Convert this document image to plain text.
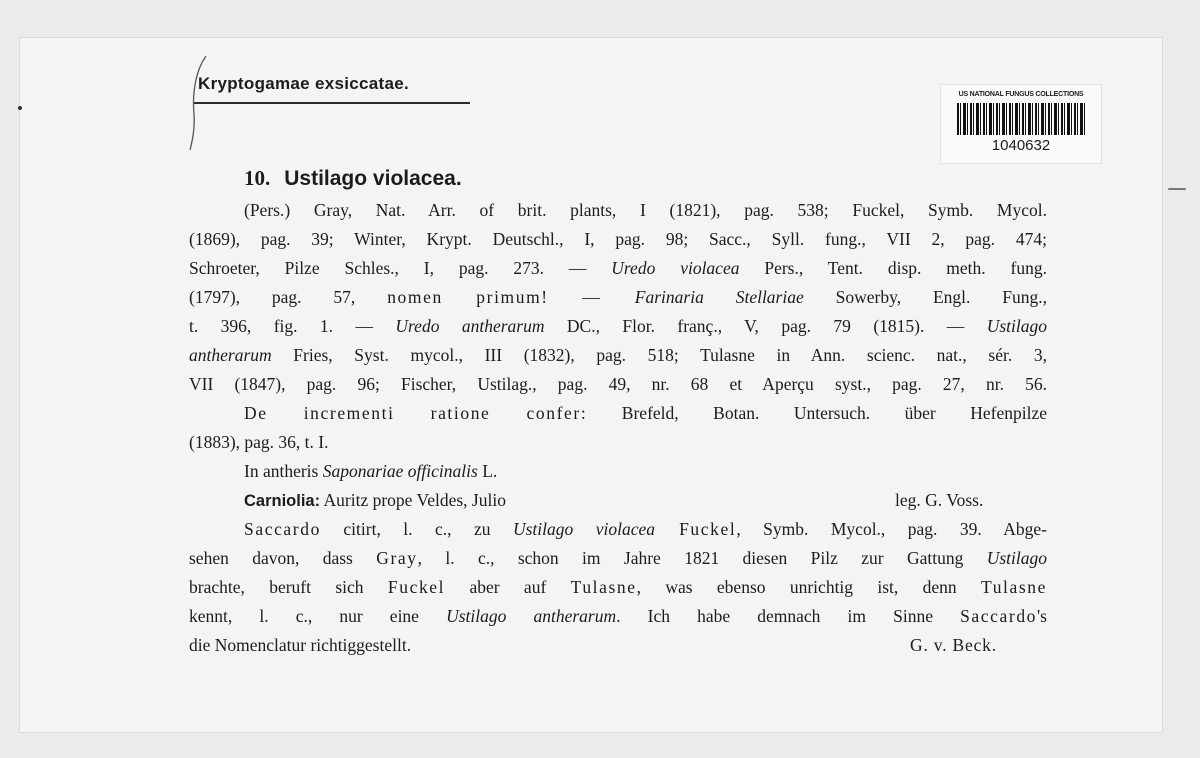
Kryptogamae exsiccatae.
US NATIONAL FUNGUS COLLECTIONS
1040632
10. Ustilago violacea.
(Pers.) Gray, Nat. Arr. of brit. plants, I (1821), pag. 538; Fuckel, Symb. Mycol.
(1869), pag. 39; Winter, Krypt. Deutschl., I, pag. 98; Sacc., Syll. fung., VII 2, pag. 474;
Schroeter, Pilze Schles., I, pag. 273. — Uredo violacea Pers., Tent. disp. meth. fung.
(1797), pag. 57, nomen primum! — Farinaria Stellariae Sowerby, Engl. Fung.,
t. 396, fig. 1. — Uredo antherarum DC., Flor. franç., V, pag. 79 (1815). — Ustilago
antherarum Fries, Syst. mycol., III (1832), pag. 518; Tulasne in Ann. scienc. nat., sér. 3,
VII (1847), pag. 96; Fischer, Ustilag., pag. 49, nr. 68 et Aperçu syst., pag. 27, nr. 56.
De incrementi ratione confer: Brefeld, Botan. Untersuch. über Hefenpilze
(1883), pag. 36, t. I.
In antheris Saponariae officinalis L.
Carniolia: Auritz prope Veldes, Julio	leg. G. Voss.
Saccardo citirt, l. c., zu Ustilago violacea Fuckel, Symb. Mycol., pag. 39. Abge-
sehen davon, dass Gray, l. c., schon im Jahre 1821 diesen Pilz zur Gattung Ustilago
brachte, beruft sich Fuckel aber auf Tulasne, was ebenso unrichtig ist, denn Tulasne
kennt, l. c., nur eine Ustilago antherarum. Ich habe demnach im Sinne Saccardo's
die Nomenclatur richtiggestellt.	G. v. Beck.
